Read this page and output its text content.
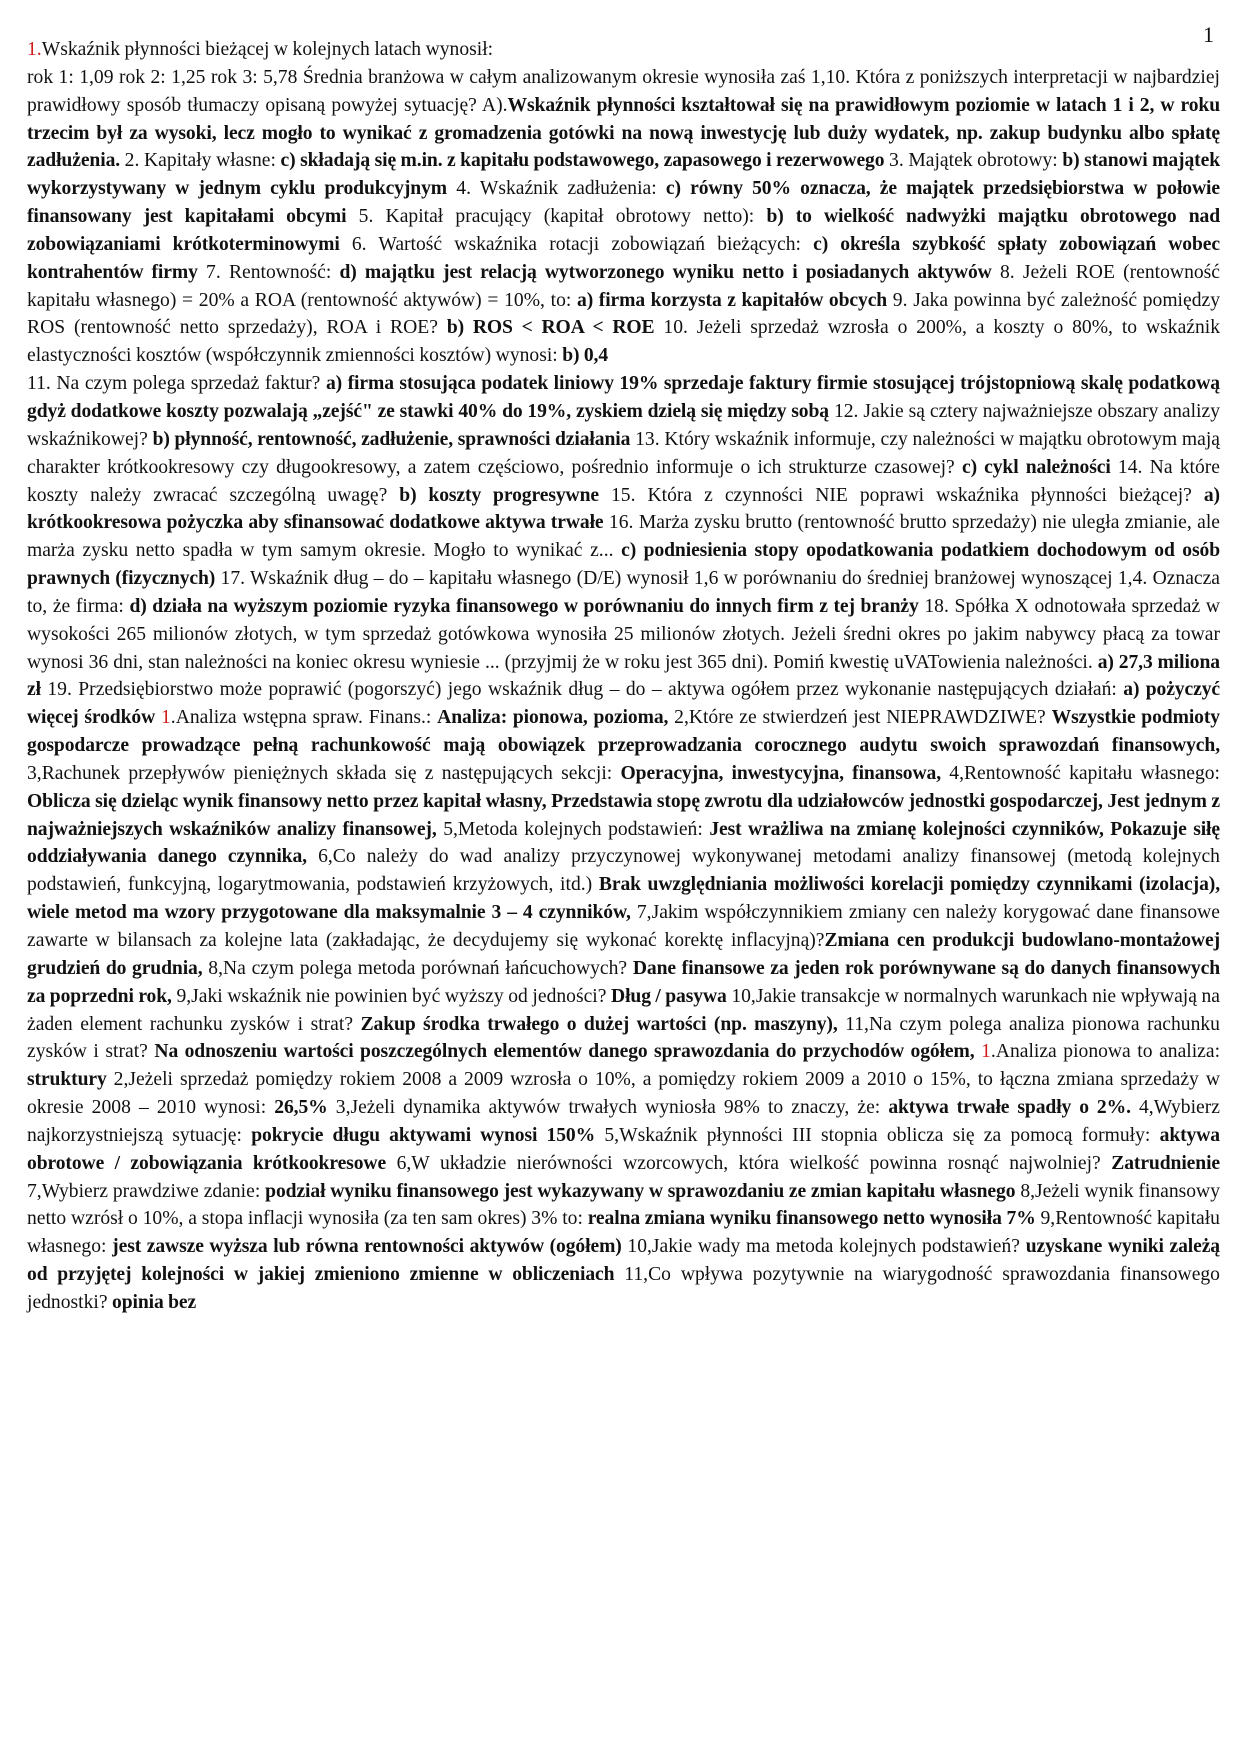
1
1.Wskaźnik płynności bieżącej w kolejnych latach wynosił:
rok 1: 1,09 rok 2: 1,25 rok 3: 5,78 Średnia branżowa w całym analizowanym okresie wynosiła zaś 1,10. Która z poniższych interpretacji w najbardziej prawidłowy sposób tłumaczy opisaną powyżej sytuację? A).Wskaźnik płynności kształtował się na prawidłowym poziomie w latach 1 i 2, w roku trzecim był za wysoki, lecz mogło to wynikać z gromadzenia gotówki na nową inwestycję lub duży wydatek, np. zakup budynku albo spłatę zadłużenia. 2. Kapitały własne: c) składają się m.in. z kapitału podstawowego, zapasowego i rezerwowego 3. Majątek obrotowy: b) stanowi majątek wykorzystywany w jednym cyklu produkcyjnym 4. Wskaźnik zadłużenia: c) równy 50% oznacza, że majątek przedsiębiorstwa w połowie finansowany jest kapitałami obcymi 5. Kapitał pracujący (kapitał obrotowy netto): b) to wielkość nadwyżki majątku obrotowego nad zobowiązaniami krótkoterminowymi 6. Wartość wskaźnika rotacji zobowiązań bieżących: c) określa szybkość spłaty zobowiązań wobec kontrahentów firmy 7. Rentowność: d) majątku jest relacją wytworzonego wyniku netto i posiadanych aktywów 8. Jeżeli ROE (rentowność kapitału własnego) = 20% a ROA (rentowność aktywów) = 10%, to: a) firma korzysta z kapitałów obcych 9. Jaka powinna być zależność pomiędzy ROS (rentowność netto sprzedaży), ROA i ROE? b) ROS < ROA < ROE 10. Jeżeli sprzedaż wzrosła o 200%, a koszty o 80%, to wskaźnik elastyczności kosztów (współczynnik zmienności kosztów) wynosi: b) 0,4
11. Na czym polega sprzedaż faktur? a) firma stosująca podatek liniowy 19% sprzedaje faktury firmie stosującej trójstopniową skalę podatkową gdyż dodatkowe koszty pozwalają „zejść" ze stawki 40% do 19%, zyskiem dzielą się między sobą 12. Jakie są cztery najważniejsze obszary analizy wskaźnikowej? b) płynność, rentowność, zadłużenie, sprawności działania 13. Który wskaźnik informuje, czy należności w majątku obrotowym mają charakter krótkookresowy czy długookresowy, a zatem częściowo, pośrednio informuje o ich strukturze czasowej? c) cykl należności 14. Na które koszty należy zwracać szczególną uwagę? b) koszty progresywne 15. Która z czynności NIE poprawi wskaźnika płynności bieżącej? a) krótkookresowa pożyczka aby sfinansować dodatkowe aktywa trwałe 16. Marża zysku brutto (rentowność brutto sprzedaży) nie uległa zmianie, ale marża zysku netto spadła w tym samym okresie. Mogło to wynikać z... c) podniesienia stopy opodatkowania podatkiem dochodowym od osób prawnych (fizycznych) 17. Wskaźnik dług – do – kapitału własnego (D/E) wynosił 1,6 w porównaniu do średniej branżowej wynoszącej 1,4. Oznacza to, że firma: d) działa na wyższym poziomie ryzyka finansowego w porównaniu do innych firm z tej branży 18. Spółka X odnotowała sprzedaż w wysokości 265 milionów złotych, w tym sprzedaż gotówkowa wynosiła 25 milionów złotych. Jeżeli średni okres po jakim nabywcy płacą za towar wynosi 36 dni, stan należności na koniec okresu wyniesie ... (przyjmij że w roku jest 365 dni). Pomiń kwestię uVATowienia należności. a) 27,3 miliona zł 19. Przedsiębiorstwo może poprawić (pogorszyć) jego wskaźnik dług – do – aktywa ogółem przez wykonanie następujących działań: a) pożyczyć więcej środków 1.Analiza wstępna spraw. Finans.: Analiza: pionowa, pozioma, 2,Które ze stwierdzeń jest NIEPRAWDZIWE? Wszystkie podmioty gospodarcze prowadzące pełną rachunkowość mają obowiązek przeprowadzania corocznego audytu swoich sprawozdań finansowych, 3,Rachunek przepływów pieniężnych składa się z następujących sekcji: Operacyjna, inwestycyjna, finansowa, 4,Rentowność kapitału własnego: Oblicza się dzieląc wynik finansowy netto przez kapitał własny, Przedstawia stopę zwrotu dla udziałowców jednostki gospodarczej, Jest jednym z najważniejszych wskaźników analizy finansowej, 5,Metoda kolejnych podstawień: Jest wrażliwa na zmianę kolejności czynników, Pokazuje siłę oddziaływania danego czynnika, 6,Co należy do wad analizy przyczynowej wykonywanej metodami analizy finansowej (metodą kolejnych podstawień, funkcyjną, logarytmowania, podstawień krzyżowych, itd.) Brak uwzględniania możliwości korelacji pomiędzy czynnikami (izolacja), wiele metod ma wzory przygotowane dla maksymalnie 3 – 4 czynników, 7,Jakim współczynnikiem zmiany cen należy korygować dane finansowe zawarte w bilansach za kolejne lata (zakładając, że decydujemy się wykonać korektę inflacyjną)?Zmiana cen produkcji budowlano-montażowej grudzień do grudnia, 8,Na czym polega metoda porównań łańcuchowych? Dane finansowe za jeden rok porównywane są do danych finansowych za poprzedni rok, 9,Jaki wskaźnik nie powinien być wyższy od jedności? Dług / pasywa 10,Jakie transakcje w normalnych warunkach nie wpływają na żaden element rachunku zysków i strat? Zakup środka trwałego o dużej wartości (np. maszyny), 11,Na czym polega analiza pionowa rachunku zysków i strat? Na odnoszeniu wartości poszczególnych elementów danego sprawozdania do przychodów ogółem, 1.Analiza pionowa to analiza: struktury 2,Jeżeli sprzedaż pomiędzy rokiem 2008 a 2009 wzrosła o 10%, a pomiędzy rokiem 2009 a 2010 o 15%, to łączna zmiana sprzedaży w okresie 2008 – 2010 wynosi: 26,5% 3,Jeżeli dynamika aktywów trwałych wyniosła 98% to znaczy, że: aktywa trwałe spadły o 2%. 4,Wybierz najkorzystniejszą sytuację: pokrycie długu aktywami wynosi 150% 5,Wskaźnik płynności III stopnia oblicza się za pomocą formuły: aktywa obrotowe / zobowiązania krótkookresowe 6,W układzie nierówności wzorcowych, która wielkość powinna rosnąć najwolniej? Zatrudnienie 7,Wybierz prawdziwe zdanie: podział wyniku finansowego jest wykazywany w sprawozdaniu ze zmian kapitału własnego 8,Jeżeli wynik finansowy netto wzrósł o 10%, a stopa inflacji wynosiła (za ten sam okres) 3% to: realna zmiana wyniku finansowego netto wynosiła 7% 9,Rentowność kapitału własnego: jest zawsze wyższa lub równa rentowności aktywów (ogółem) 10,Jakie wady ma metoda kolejnych podstawień? uzyskane wyniki zależą od przyjętej kolejności w jakiej zmieniono zmienne w obliczeniach 11,Co wpływa pozytywnie na wiarygodność sprawozdania finansowego jednostki? opinia bez
